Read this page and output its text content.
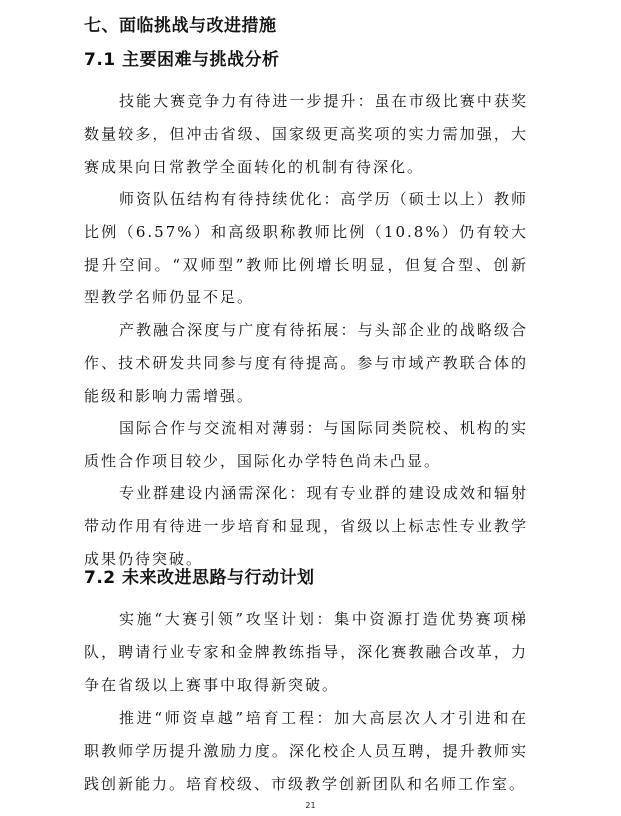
七、面临挑战与改进措施
7.1 主要困难与挑战分析

技能大赛竞争力有待进一步提升：虽在市级比赛中获奖数量较多，但冲击省级、国家级更高奖项的实力需加强，大赛成果向日常教学全面转化的机制有待深化。

师资队伍结构有待持续优化：高学历（硕士以上）教师比例（6.57%）和高级职称教师比例（10.8%）仍有较大提升空间。“双师型”教师比例增长明显，但复合型、创新型教学名师仍显不足。

产教融合深度与广度有待拓展：与头部企业的战略级合作、技术研发共同参与度有待提高。参与市域产教联合体的能级和影响力需增强。

国际合作与交流相对薄弱：与国际同类院校、机构的实质性合作项目较少，国际化办学特色尚未凸显。

专业群建设内涵需深化：现有专业群的建设成效和辐射带动作用有待进一步培育和显现，省级以上标志性专业教学成果仍待突破。

7.2 未来改进思路与行动计划

实施“大赛引领”攻坚计划：集中资源打造优势赛项梯队，聘请行业专家和金牌教练指导，深化赛教融合改革，力争在省级以上赛事中取得新突破。

推进“师资卓越”培育工程：加大高层次人才引进和在职教师学历提升激励力度。深化校企人员互聘，提升教师实践创新能力。培育校级、市级教学创新团队和名师工作室。

21
